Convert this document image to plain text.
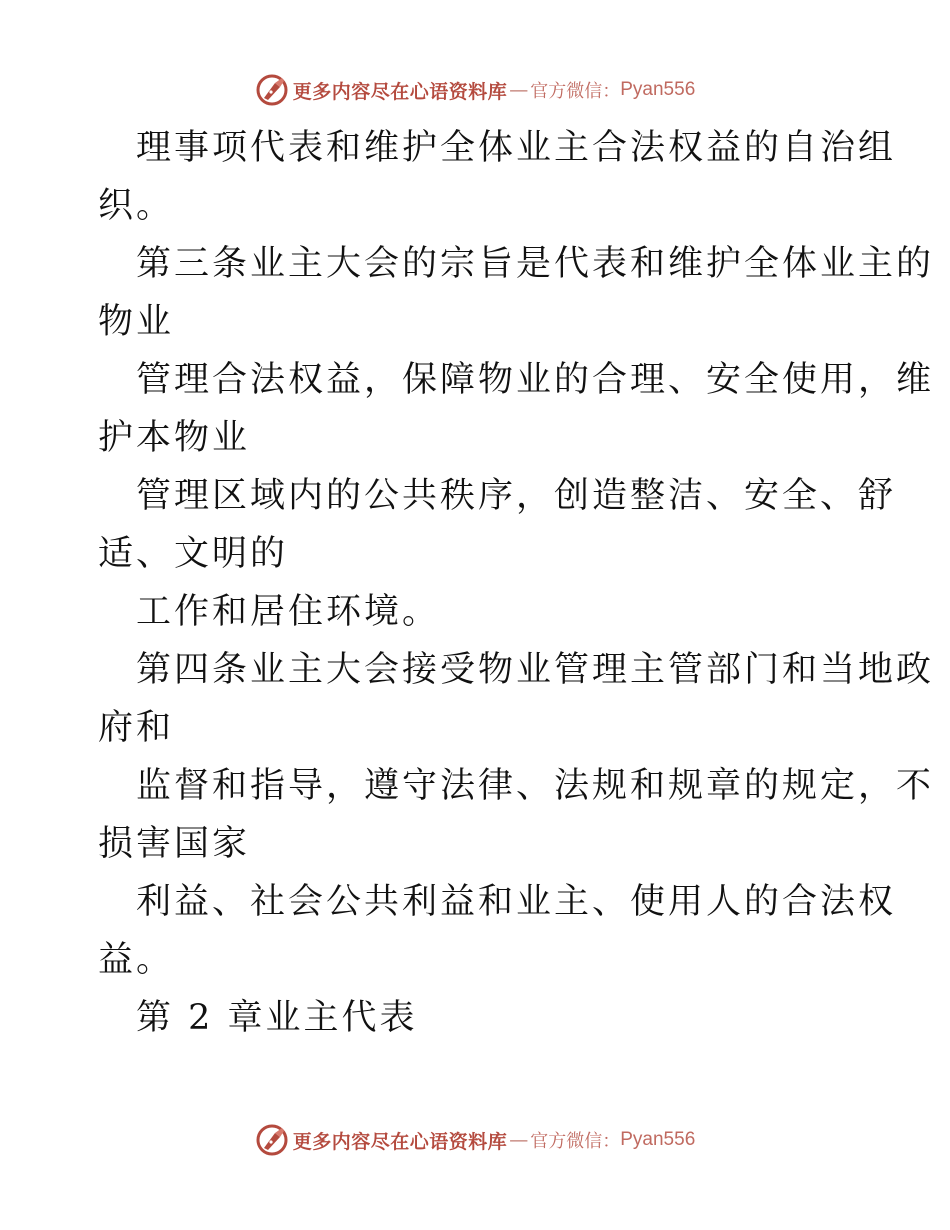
更多内容尽在心语资料库 — 官方微信： Pyan556
理事项代表和维护全体业主合法权益的自治组
织。
第三条业主大会的宗旨是代表和维护全体业主的
物业
管理合法权益，保障物业的合理、安全使用，维
护本物业
管理区域内的公共秩序，创造整洁、安全、舒
适、文明的
工作和居住环境。
第四条业主大会接受物业管理主管部门和当地政
府和
监督和指导，遵守法律、法规和规章的规定，不
损害国家
利益、社会公共利益和业主、使用人的合法权
益。
第 2 章业主代表
更多内容尽在心语资料库 — 官方微信： Pyan556
